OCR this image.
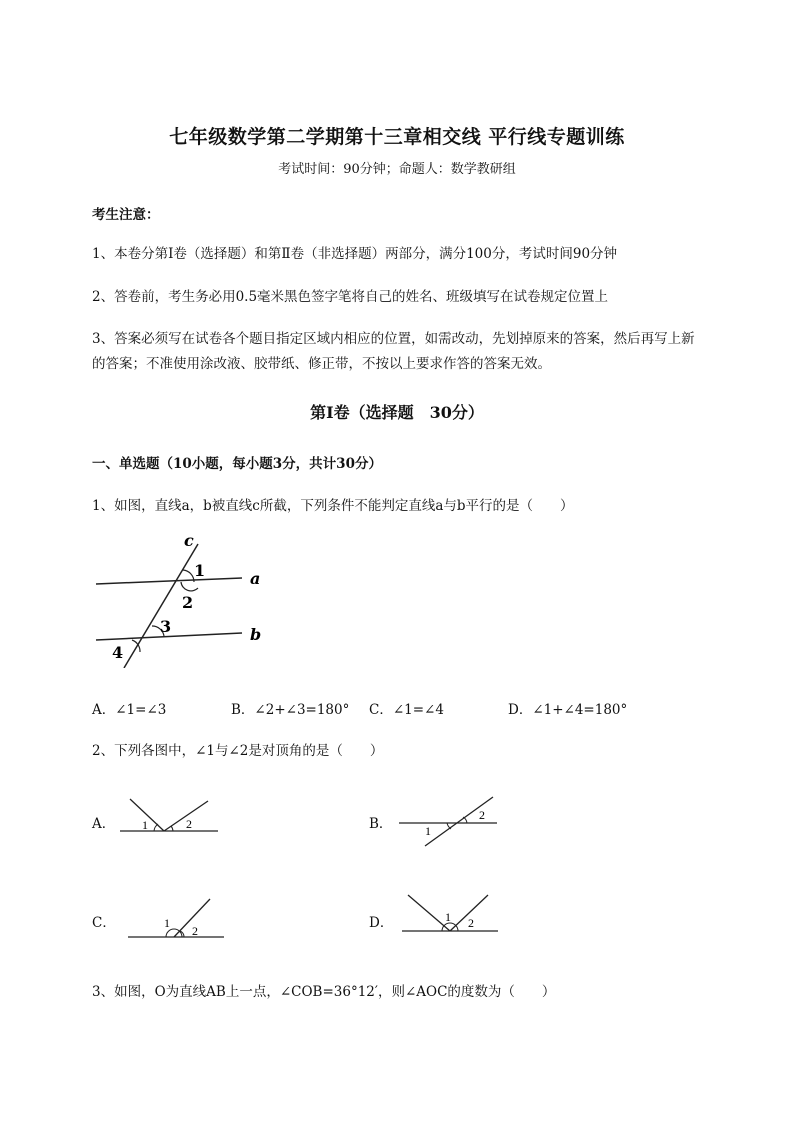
七年级数学第二学期第十三章相交线 平行线专题训练
考试时间：90分钟；命题人：数学教研组
考生注意：
1、本卷分第Ⅰ卷（选择题）和第Ⅱ卷（非选择题）两部分，满分100分，考试时间90分钟
2、答卷前，考生务必用0.5毫米黑色签字笔将自己的姓名、班级填写在试卷规定位置上
3、答案必须写在试卷各个题目指定区域内相应的位置，如需改动，先划掉原来的答案，然后再写上新
的答案；不准使用涂改液、胶带纸、修正带，不按以上要求作答的答案无效。
第Ⅰ卷（选择题　30分）
一、单选题（10小题，每小题3分，共计30分）
1、如图，直线a，b被直线c所截，下列条件不能判定直线a与b平行的是（　　）
c
a
b
1
2
3
4
A．∠1=∠3	B．∠2+∠3=180° C．∠1=∠4	D．∠1+∠4=180°
2、下列各图中，∠1与∠2是对顶角的是（　　）
A． 1	2	B．	1
2
C．	1
2	D．	1 2
3、如图，O为直线AB上一点，∠COB=36°12′，则∠AOC的度数为（　　）
